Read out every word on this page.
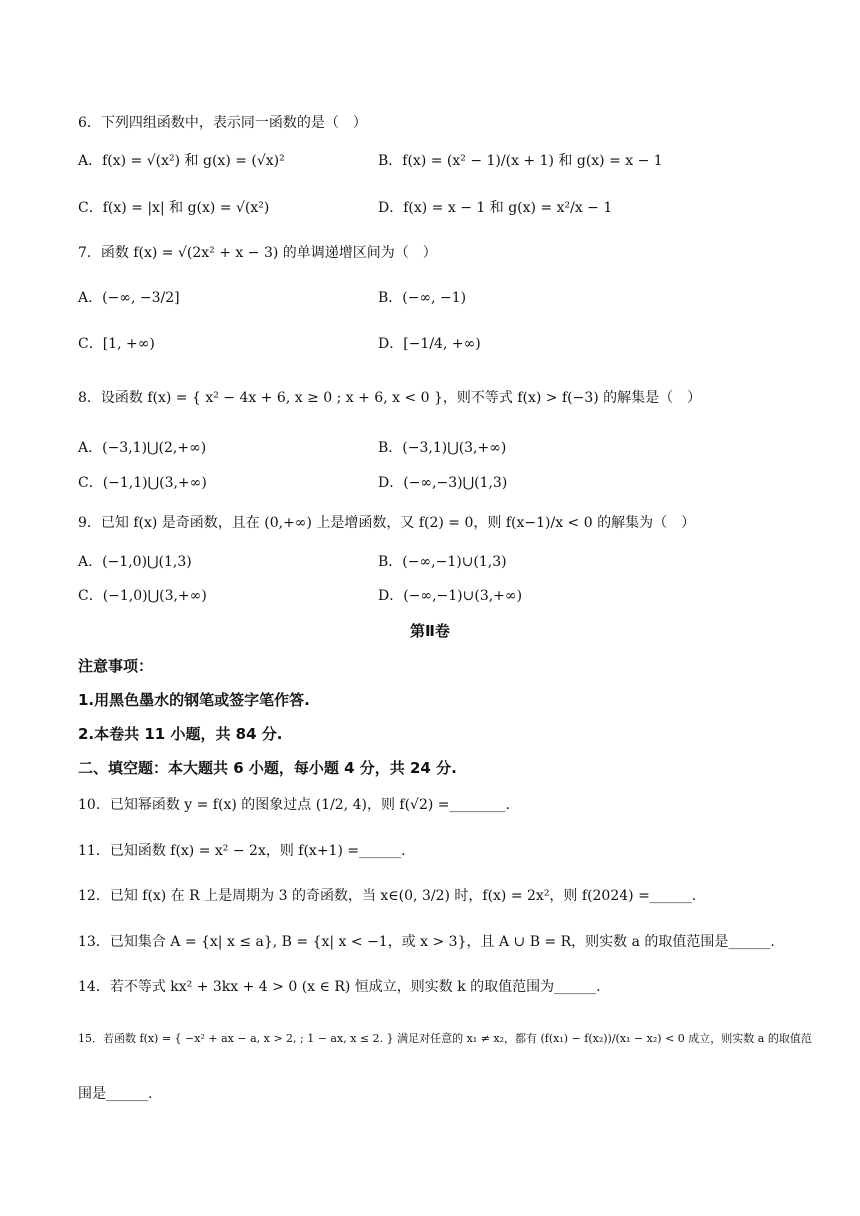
6．下列四组函数中，表示同一函数的是（　）
A．f(x) = √(x²) 和 g(x) = (√x)²	B．f(x) = (x² − 1)/(x + 1) 和 g(x) = x − 1
C．f(x) = |x| 和 g(x) = √(x²)	D．f(x) = x − 1 和 g(x) = x²/x − 1
7．函数 f(x) = √(2x² + x − 3) 的单调递增区间为（　）
A．(−∞, −3/2]	B．(−∞, −1)
C．[1, +∞)	D．[−1/4, +∞)
8．设函数 f(x) = { x² − 4x + 6, x ≥ 0 ; x + 6, x < 0 }，则不等式 f(x) > f(−3) 的解集是（　）
A．(−3,1)⋃(2,+∞)	B．(−3,1)⋃(3,+∞)
C．(−1,1)⋃(3,+∞)	D．(−∞,−3)⋃(1,3)
9．已知 f(x) 是奇函数，且在 (0,+∞) 上是增函数，又 f(2) = 0，则 f(x−1)/x < 0 的解集为（　）
A．(−1,0)⋃(1,3)	B．(−∞,−1)∪(1,3)
C．(−1,0)⋃(3,+∞)	D．(−∞,−1)∪(3,+∞)
第Ⅱ卷
注意事项：
1.用黑色墨水的钢笔或签字笔作答.
2.本卷共 11 小题，共 84 分.
二、填空题：本大题共 6 小题，每小题 4 分，共 24 分.
10．已知幂函数 y = f(x) 的图象过点 (1/2, 4)，则 f(√2) =________.
11．已知函数 f(x) = x² − 2x，则 f(x+1) =______.
12．已知 f(x) 在 R 上是周期为 3 的奇函数，当 x∈(0, 3/2) 时，f(x) = 2x²，则 f(2024) =______.
13．已知集合 A = {x| x ≤ a}, B = {x| x < −1，或 x > 3}，且 A ∪ B = R，则实数 a 的取值范围是______.
14．若不等式 kx² + 3kx + 4 > 0 (x ∈ R) 恒成立，则实数 k 的取值范围为______.
15．若函数 f(x) = { −x² + ax − a, x > 2, ; 1 − ax, x ≤ 2. } 满足对任意的 x₁ ≠ x₂，都有 (f(x₁) − f(x₂))/(x₁ − x₂) < 0 成立，则实数 a 的取值范
围是______.
